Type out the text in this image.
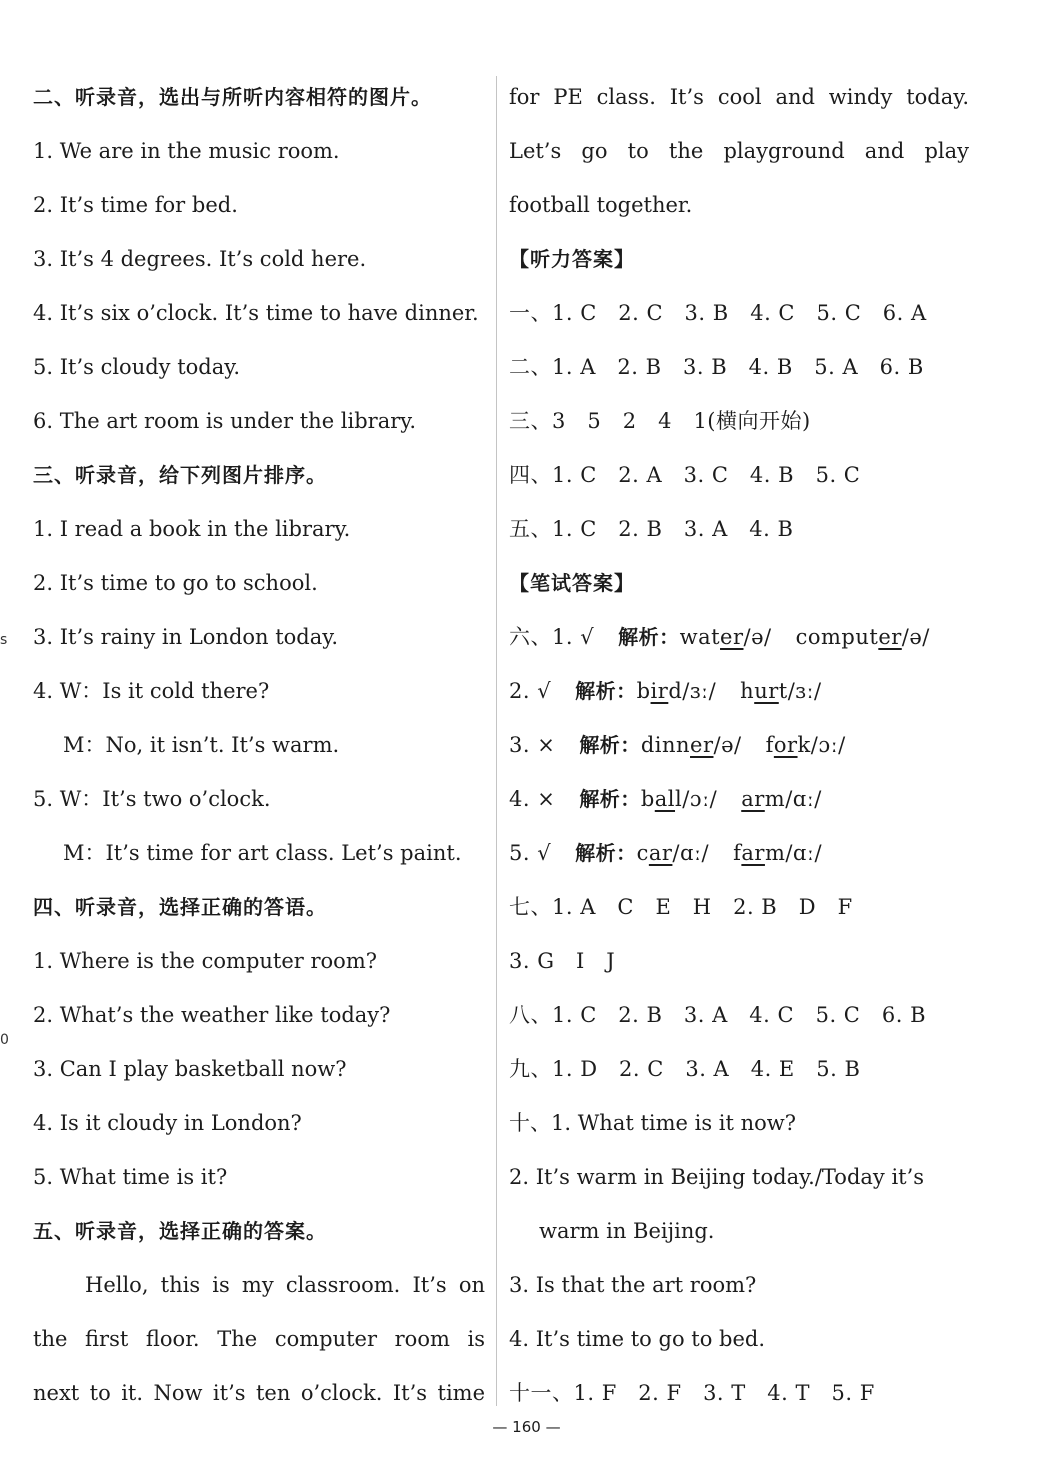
s
0
二、听录音，选出与所听内容相符的图片。
1. We are in the music room.
2. It’s time for bed.
3. It’s 4 degrees. It’s cold here.
4. It’s six o’clock. It’s time to have dinner.
5. It’s cloudy today.
6. The art room is under the library.
三、听录音，给下列图片排序。
1. I read a book in the library.
2. It’s time to go to school.
3. It’s rainy in London today.
4. W：Is it cold there?
M：No, it isn’t. It’s warm.
5. W：It’s two o’clock.
M：It’s time for art class. Let’s paint.
四、听录音，选择正确的答语。
1. Where is the computer room?
2. What’s the weather like today?
3. Can I play basketball now?
4. Is it cloudy in London?
5. What time is it?
五、听录音，选择正确的答案。
Hello, this is my classroom. It’s on
the first floor. The computer room is
next to it. Now it’s ten o’clock. It’s time
for PE class. It’s cool and windy today.
Let’s go to the playground and play
football together.
【听力答案】
一、1. C　2. C　3. B　4. C　5. C　6. A
二、1. A　2. B　3. B　4. B　5. A　6. B
三、3　5　2　4　1(横向开始)
四、1. C　2. A　3. C　4. B　5. C
五、1. C　2. B　3. A　4. B
【笔试答案】
六、1. √ 解析：water/ə/ computer/ə/
2. √ 解析：bird/ɜː/ hurt/ɜː/
3. × 解析：dinner/ə/ fork/ɔː/
4. × 解析：ball/ɔː/ arm/ɑː/
5. √ 解析：car/ɑː/ farm/ɑː/
七、1. A　C　E　H　2. B　D　F
3. G　I　J
八、1. C　2. B　3. A　4. C　5. C　6. B
九、1. D　2. C　3. A　4. E　5. B
十、1. What time is it now?
2. It’s warm in Beijing today./Today it’s
warm in Beijing.
3. Is that the art room?
4. It’s time to go to bed.
十一、1. F　2. F　3. T　4. T　5. F
— 160 —
